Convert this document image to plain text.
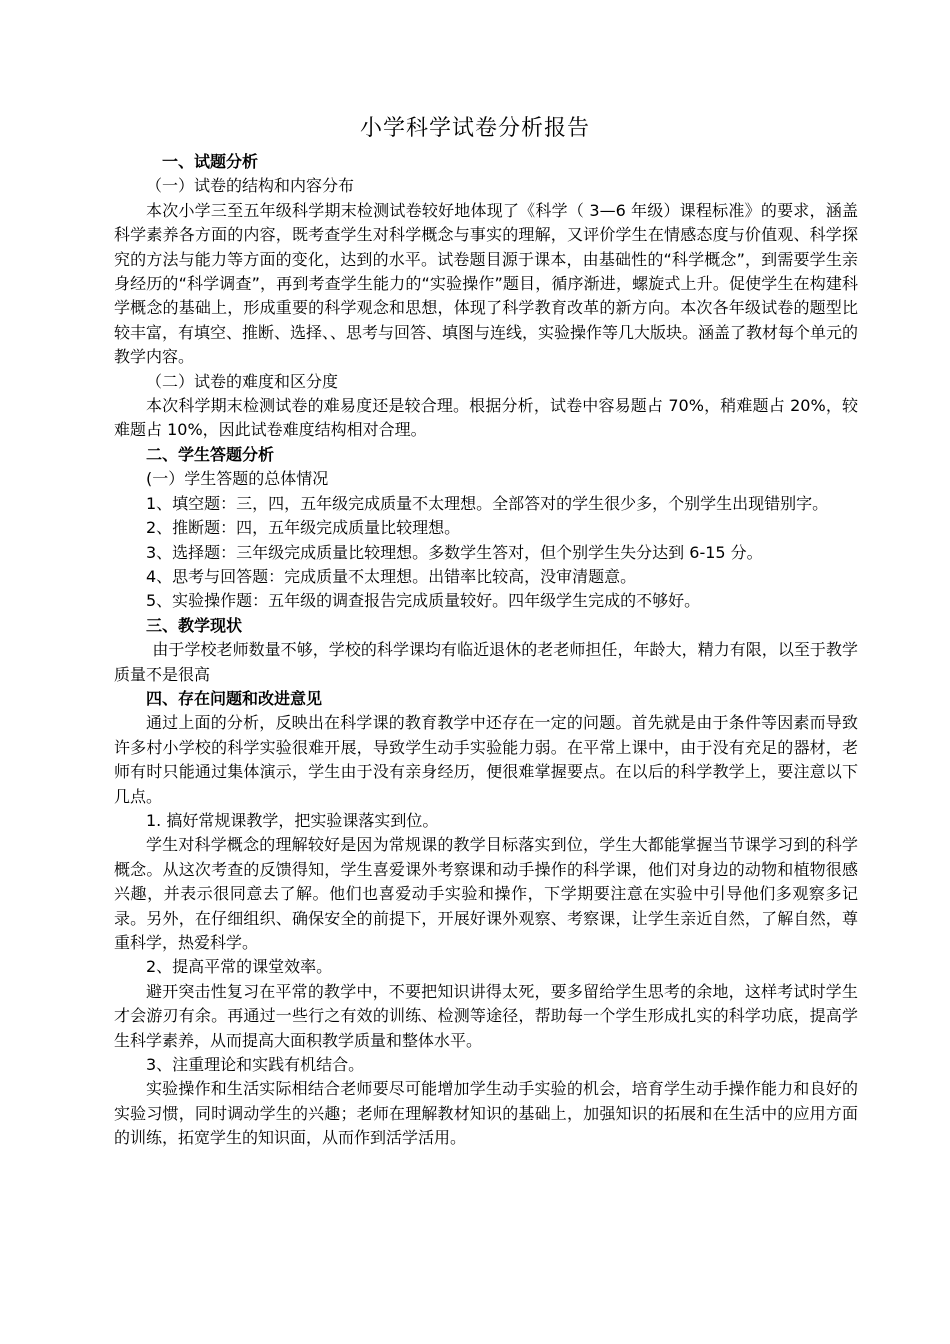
小学科学试卷分析报告

一、试题分析

（一）试卷的结构和内容分布

本次小学三至五年级科学期末检测试卷较好地体现了《科学（ 3—6 年级）课程标准》的要求，涵盖科学素养各方面的内容，既考查学生对科学概念与事实的理解，又评价学生在情感态度与价值观、科学探究的方法与能力等方面的变化，达到的水平。试卷题目源于课本，由基础性的“科学概念”，到需要学生亲身经历的“科学调查”，再到考查学生能力的“实验操作”题目，循序渐进，螺旋式上升。促使学生在构建科学概念的基础上，形成重要的科学观念和思想，体现了科学教育改革的新方向。本次各年级试卷的题型比较丰富，有填空、推断、选择、、思考与回答、填图与连线，实验操作等几大版块。涵盖了教材每个单元的教学内容。

（二）试卷的难度和区分度

本次科学期末检测试卷的难易度还是较合理。根据分析，试卷中容易题占 70%，稍难题占 20%，较难题占 10%，因此试卷难度结构相对合理。

二、学生答题分析

(一）学生答题的总体情况

1、填空题：三，四，五年级完成质量不太理想。全部答对的学生很少多，个别学生出现错别字。

2、推断题：四，五年级完成质量比较理想。

3、选择题：三年级完成质量比较理想。多数学生答对，但个别学生失分达到 6-15 分。

4、思考与回答题：完成质量不太理想。出错率比较高，没审清题意。

5、实验操作题：五年级的调查报告完成质量较好。四年级学生完成的不够好。

三、教学现状

由于学校老师数量不够，学校的科学课均有临近退休的老老师担任，年龄大，精力有限，以至于教学质量不是很高

四、存在问题和改进意见

通过上面的分析，反映出在科学课的教育教学中还存在一定的问题。首先就是由于条件等因素而导致许多村小学校的科学实验很难开展，导致学生动手实验能力弱。在平常上课中，由于没有充足的器材，老师有时只能通过集体演示，学生由于没有亲身经历，便很难掌握要点。在以后的科学教学上，要注意以下几点。

1. 搞好常规课教学，把实验课落实到位。

学生对科学概念的理解较好是因为常规课的教学目标落实到位，学生大都能掌握当节课学习到的科学概念。从这次考查的反馈得知，学生喜爱课外考察课和动手操作的科学课，他们对身边的动物和植物很感兴趣，并表示很同意去了解。他们也喜爱动手实验和操作，下学期要注意在实验中引导他们多观察多记录。另外，在仔细组织、确保安全的前提下，开展好课外观察、考察课，让学生亲近自然，了解自然，尊重科学，热爱科学。

2、提高平常的课堂效率。

避开突击性复习在平常的教学中，不要把知识讲得太死，要多留给学生思考的余地，这样考试时学生才会游刃有余。再通过一些行之有效的训练、检测等途径，帮助每一个学生形成扎实的科学功底，提高学生科学素养，从而提高大面积教学质量和整体水平。

3、注重理论和实践有机结合。

实验操作和生活实际相结合老师要尽可能增加学生动手实验的机会，培育学生动手操作能力和良好的实验习惯，同时调动学生的兴趣；老师在理解教材知识的基础上，加强知识的拓展和在生活中的应用方面的训练，拓宽学生的知识面，从而作到活学活用。
